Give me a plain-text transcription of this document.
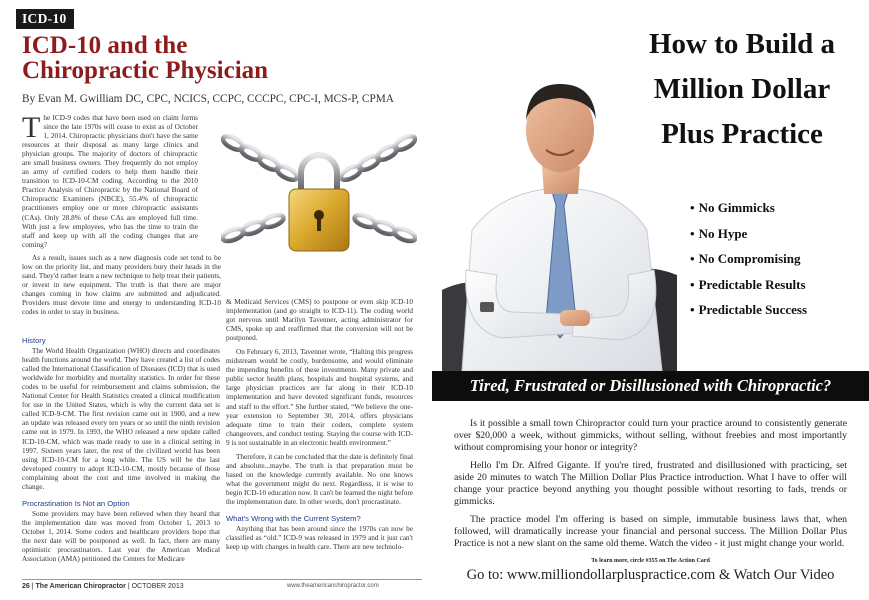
ICD-10
ICD-10 and the
Chiropractic Physician
By Evan M. Gwilliam DC, CPC, NCICS, CCPC, CCCPC, CPC-I, MCS-P, CPMA
The ICD-9 codes that have been used on claim forms since the late 1970s will cease to exist as of October 1, 2014. Chiropractic physicians don't have the same resources at their disposal as many large clinics and physician groups. The majority of doctors of chiropractic are small business owners. They frequently do not employ an army of certified coders to help them handle their transition to ICD-10-CM coding. According to the 2010 Practice Analysis of Chiropractic by the National Board of Chiropractic Examiners (NBCE), 55.4% of chiropractic practitioners employ one or more chiropractic assistants (CAs). Only 28.8% of these CAs are employed full time. With just a few employees, who has the time to train the staff and keep up with all the coding changes that are coming?

As a result, issues such as a new diagnosis code set tend to be low on the priority list, and many providers bury their heads in the sand. They'd rather learn a new technique to help treat their patients, or invest in new equipment. The truth is that there are major changes coming in how claims are submitted and adjudicated. Providers must devote time and energy to understanding ICD-10 codes in order to stay in business.

History

The World Health Organization (WHO) directs and coordinates health functions around the world. They have created a list of codes called the International Classification of Diseases (ICD) that is used worldwide for morbidity and mortality statistics. In order for these codes to be useful for reimbursement and claims submission, the National Center for Health Statistics created a clinical modification for use in the United States, which is why the current data set is called ICD-9-CM. The first revision came out in 1900, and a new an update was released every ten years or so until the ninth revision came out in 1979. In 1993, the WHO released a new update called ICD-10-CM, which was made ready to use in a clinical setting in 1997. Sixteen years later, the rest of the civilized world has been using ICD-10-CM for a long while. The US will be the last developed country to adopt ICD-10-CM, mostly because of those complaining about the cost and time involved in making the change.

Procrastination Is Not an Option

Some providers may have been relieved when they heard that the implementation date was moved from October 1, 2013 to October 1, 2014. Some coders and healthcare providers hope that the next date will be postponed as well. In fact, there are many optimistic procrastinators. Last year the American Medical Association (AMA) petitioned the Centers for Medicare

& Medicaid Services (CMS) to postpone or even skip ICD-10 implementation (and go straight to ICD-11). The coding world got nervous until Marilyn Tavenner, acting administrator for CMS, spoke up and reaffirmed that the conversion will not be postponed.

On February 6, 2013, Tavenner wrote, “Halting this progress midstream would be costly, burdensome, and would eliminate the impending benefits of these investments. Many private and public sector health plans, hospitals and hospital systems, and large physician practices are far along in their ICD-10 implementation and have devoted significant funds, resources and staff to the effort.” She further stated, “We believe the one-year extension to September 30, 2014, offers physicians adequate time to train their coders, complete system changeovers, and conduct testing. Staying the course with ICD-9 is not sustainable in an electronic health environment.”

Therefore, it can be concluded that the date is definitely final and absolute...maybe. The truth is that preparation must be based on the knowledge currently available. No one knows what the government might do next. Regardless, it is wise to begin ICD-10 education now. It can't be learned the night before the implementation date. In other words, don't procrastinate.

What's Wrong with the Current System?

Anything that has been around since the 1970s can now be classified as “old.” ICD-9 was released in 1979 and it just can't keep up with changes in health care. There are new technolo-

26 | The American Chiropractor | OCTOBER 2013	www.theamericanchiropractor.com
How to Build a
Million Dollar
Plus Practice
• No Gimmicks
• No Hype
• No Compromising
• Predictable Results
• Predictable Success
Tired, Frustrated or Disillusioned with Chiropractic?

Is it possible a small town Chiropractor could turn your practice around to consistently generate over $20,000 a week, without gimmicks, without selling, without freebies and most importantly without compromising your honor or integrity?

Hello I'm Dr. Alfred Gigante. If you're tired, frustrated and disillusioned with practicing, set aside 20 minutes to watch The Million Dollar Plus Practice introduction. What I have to offer will change your practice beyond anything you thought possible without resorting to fads, trends or gimmicks.

The practice model I'm offering is based on simple, immutable business laws that, when followed, will dramatically increase your financial and personal success. The Million Dollar Plus Practice is not a new slant on the same old theme. Watch the video - it just might change your world.

To learn more, circle #355 on The Action Card
Go to: www.milliondollarpluspractice.com & Watch Our Video
